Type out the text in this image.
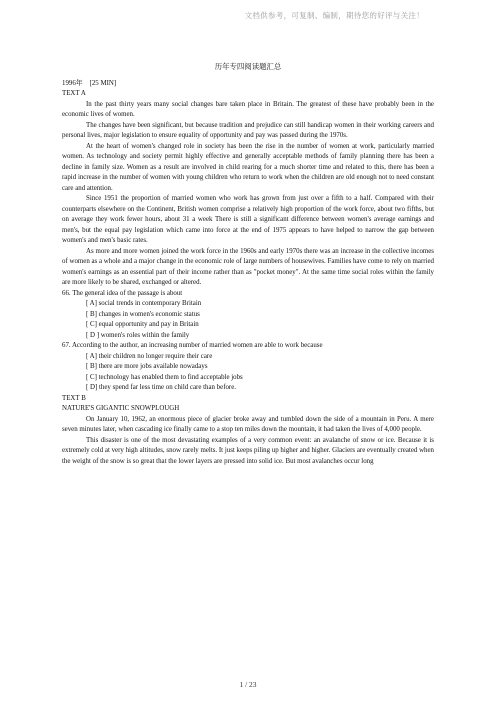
文档供参考，可复制、编制，期待您的好评与关注！
历年专四阅读题汇总
1996年　[25 MIN]
TEXT A

In the past thirty years many social changes bare taken place in Britain. The greatest of these have probably been in the economic lives of women.

The changes have been significant, but because tradition and prejudice can still handicap women in their working careers and personal lives, major legislation to ensure equality of opportunity and pay was passed during the 1970s.

At the heart of women's changed role in society has been the rise in the number of women at work, particularly married women. As technology and society permit highly effective and generally acceptable methods of family planning there has been a decline in family size. Women as a result are involved in child rearing for a much shorter time and related to this, there has been a rapid increase in the number of women with young children who return to work when the children are old enough not to need constant care and attention.

Since 1951 the proportion of married women who work has grown from just over a fifth to a half. Compared with their counterparts elsewhere on the Continent, British women comprise a relatively high proportion of the work force, about two fifths, but on average they work fewer hours, about 31 a week There is still a significant difference between women's average earnings and men's, but the equal pay legislation which came into force at the end of 1975 appears to have helped to narrow the gap between women's and men's basic rates.

As more and more women joined the work force in the 1960s and early 1970s there was an increase in the collective incomes of women as a whole and a major change in the economic role of large numbers of housewives. Families have come to rely on married women's earnings as an essential part of their income rather than as "pocket money". At the same time social roles within the family are more likely to be shared, exchanged or altered.

66. The general idea of the passage is about

[ A] social trends in contemporary Britain

[ B] changes in women's economic status

[ C] equal opportunity and pay in Britain

[ D ] women's roles within the family

67. According to the author, an increasing number of married women are able to work because

[ A] their children no longer require their care

[ B] there are more jobs available nowadays

[ C] technology has enabled them to find acceptable jobs

[ D] they spend far less time on child care than before.

TEXT B
NATURE'S GIGANTIC SNOWPLOUGH

On January 10, 1962, an enormous piece of glacier broke away and tumbled down the side of a mountain in Peru. A mere seven minutes later, when cascading ice finally came to a stop ten miles down the mountain, it had taken the lives of 4,000 people.

This disaster is one of the most devastating examples of a very common event: an avalanche of snow or ice. Because it is extremely cold at very high altitudes, snow rarely melts. It just keeps piling up higher and higher. Glaciers are eventually created when the weight of the snow is so great that the lower layers are pressed into solid ice. But most avalanches occur long

1 / 23
